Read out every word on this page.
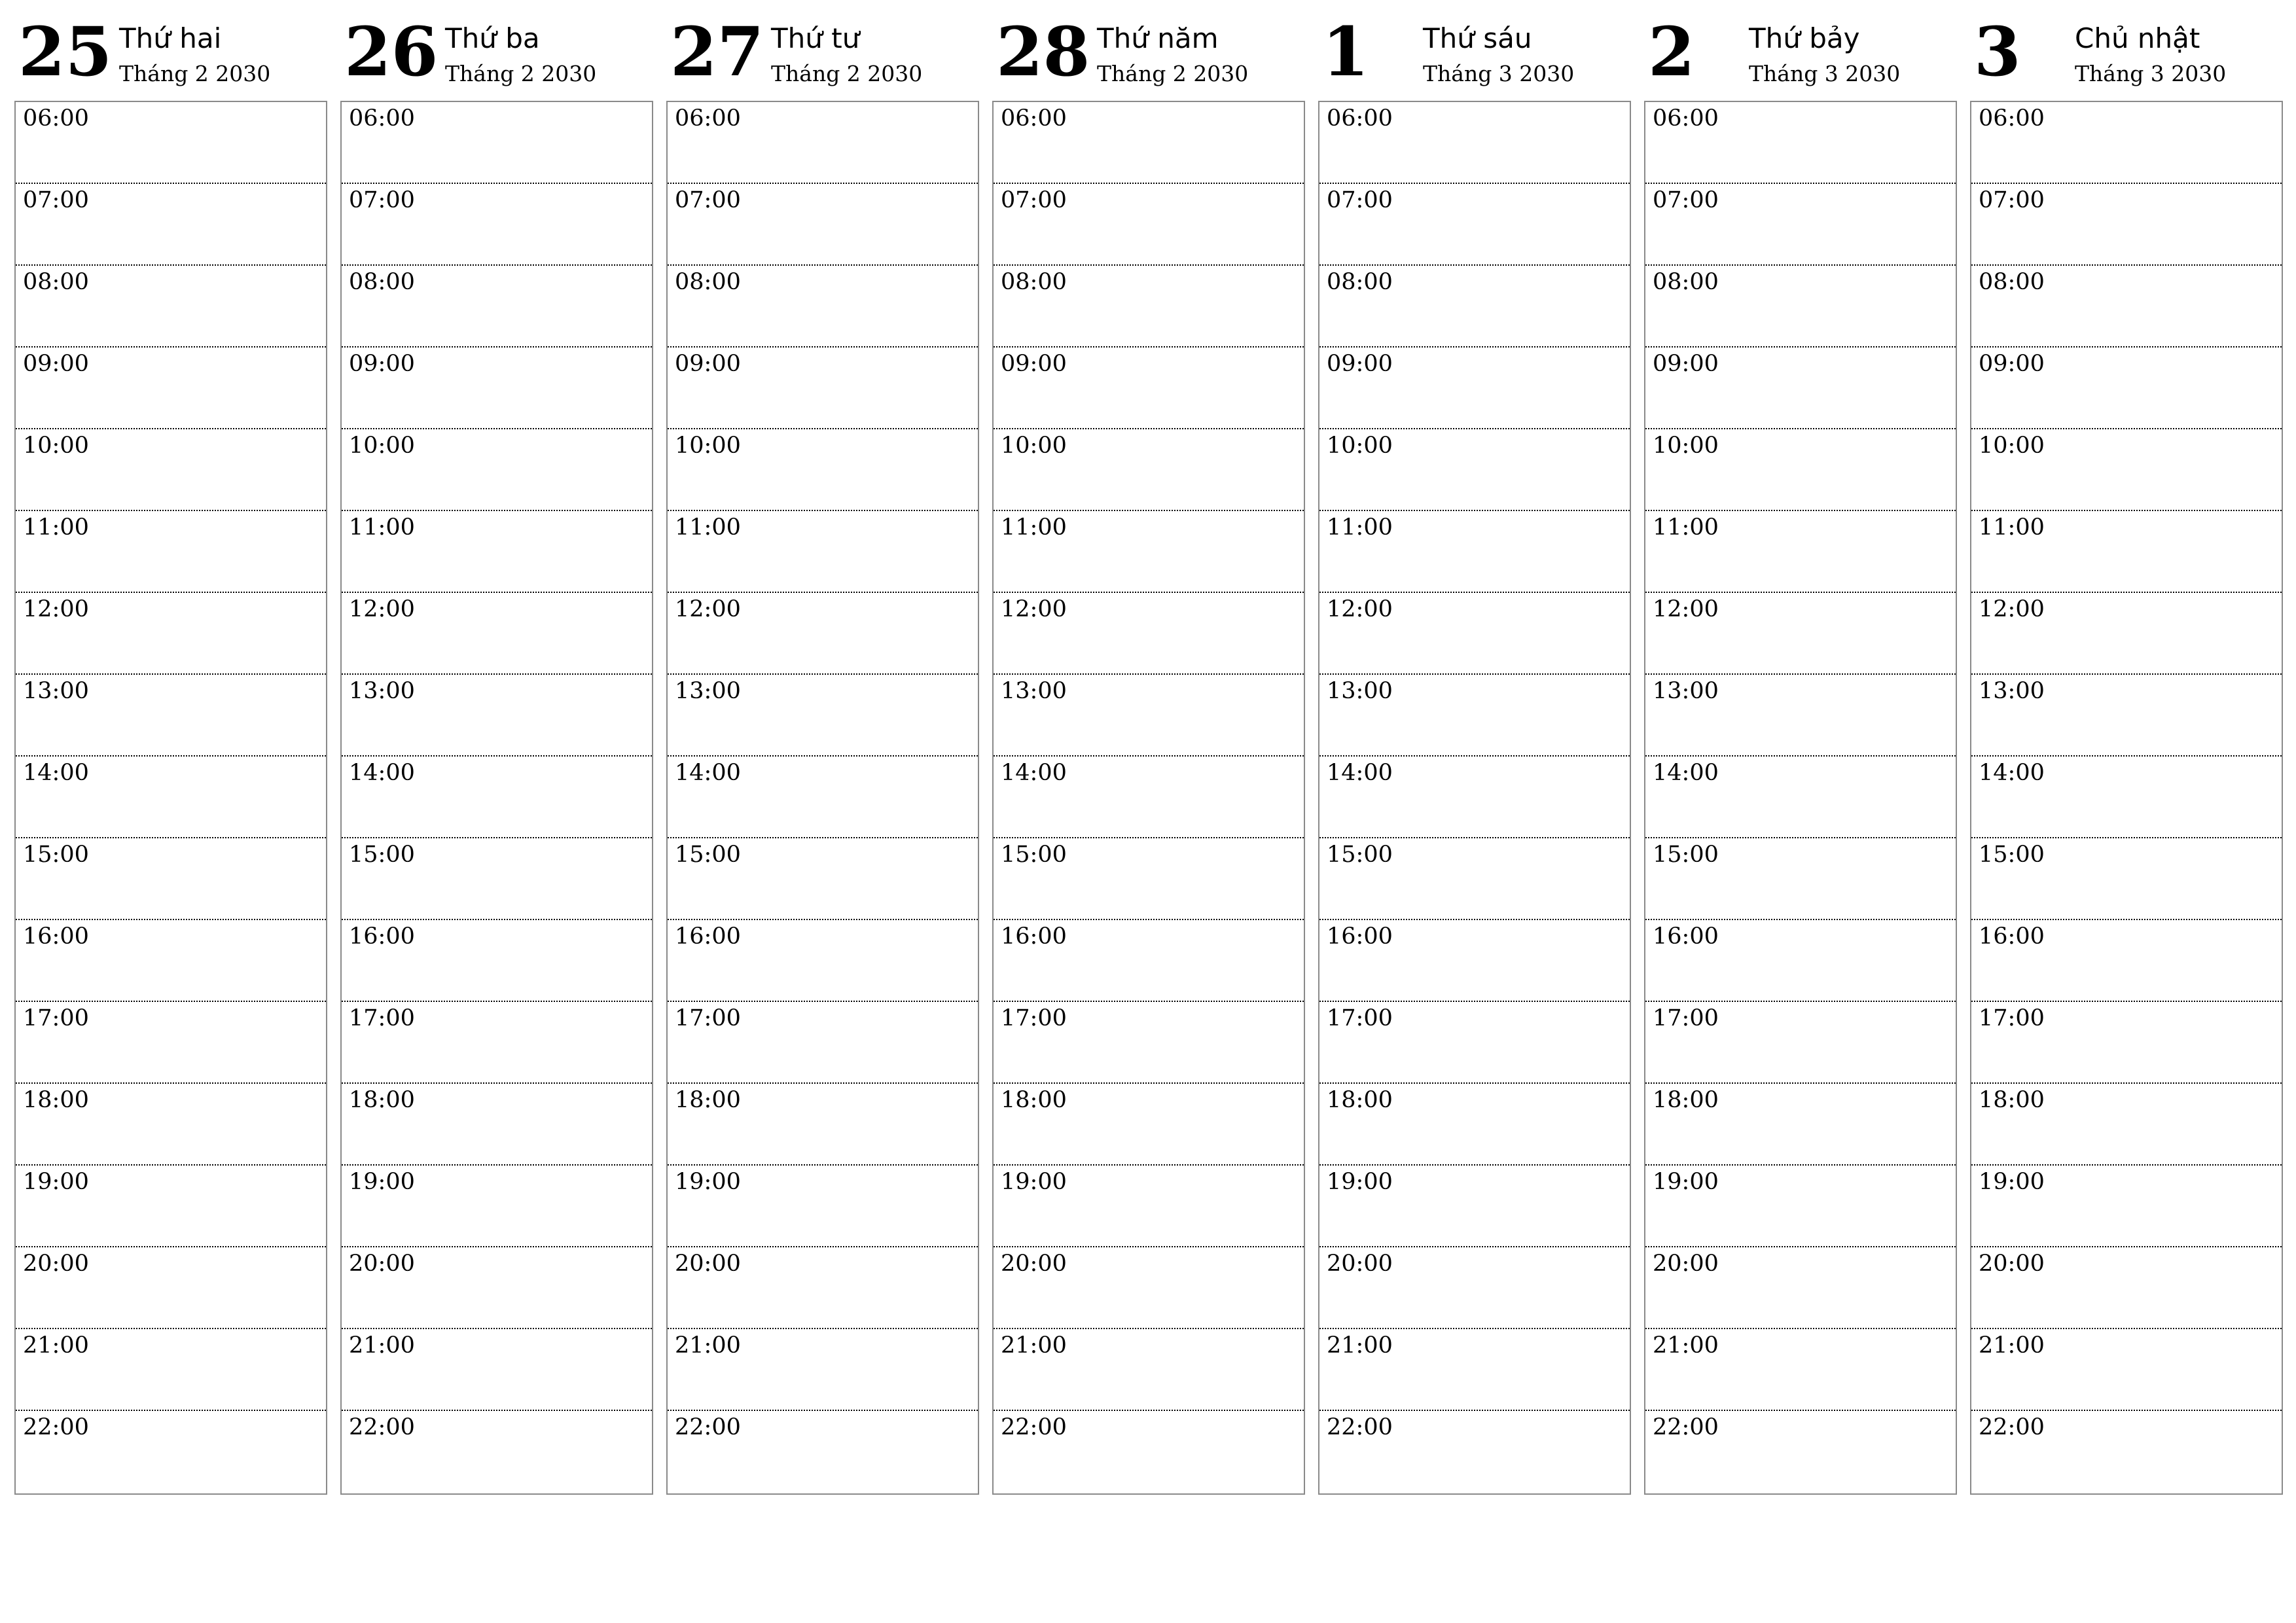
25 Thứ hai
Tháng 2 2030
06:00
07:00
08:00
09:00
10:00
11:00
12:00
13:00
14:00
15:00
16:00
17:00
18:00
19:00
20:00
21:00
22:00
26 Thứ ba
Tháng 2 2030
06:00
07:00
08:00
09:00
10:00
11:00
12:00
13:00
14:00
15:00
16:00
17:00
18:00
19:00
20:00
21:00
22:00
27 Thứ tư
Tháng 2 2030
06:00
07:00
08:00
09:00
10:00
11:00
12:00
13:00
14:00
15:00
16:00
17:00
18:00
19:00
20:00
21:00
22:00
28 Thứ năm
Tháng 2 2030
06:00
07:00
08:00
09:00
10:00
11:00
12:00
13:00
14:00
15:00
16:00
17:00
18:00
19:00
20:00
21:00
22:00
1 Thứ sáu
Tháng 3 2030
06:00
07:00
08:00
09:00
10:00
11:00
12:00
13:00
14:00
15:00
16:00
17:00
18:00
19:00
20:00
21:00
22:00
2 Thứ bảy
Tháng 3 2030
06:00
07:00
08:00
09:00
10:00
11:00
12:00
13:00
14:00
15:00
16:00
17:00
18:00
19:00
20:00
21:00
22:00
3 Chủ nhật
Tháng 3 2030
06:00
07:00
08:00
09:00
10:00
11:00
12:00
13:00
14:00
15:00
16:00
17:00
18:00
19:00
20:00
21:00
22:00
